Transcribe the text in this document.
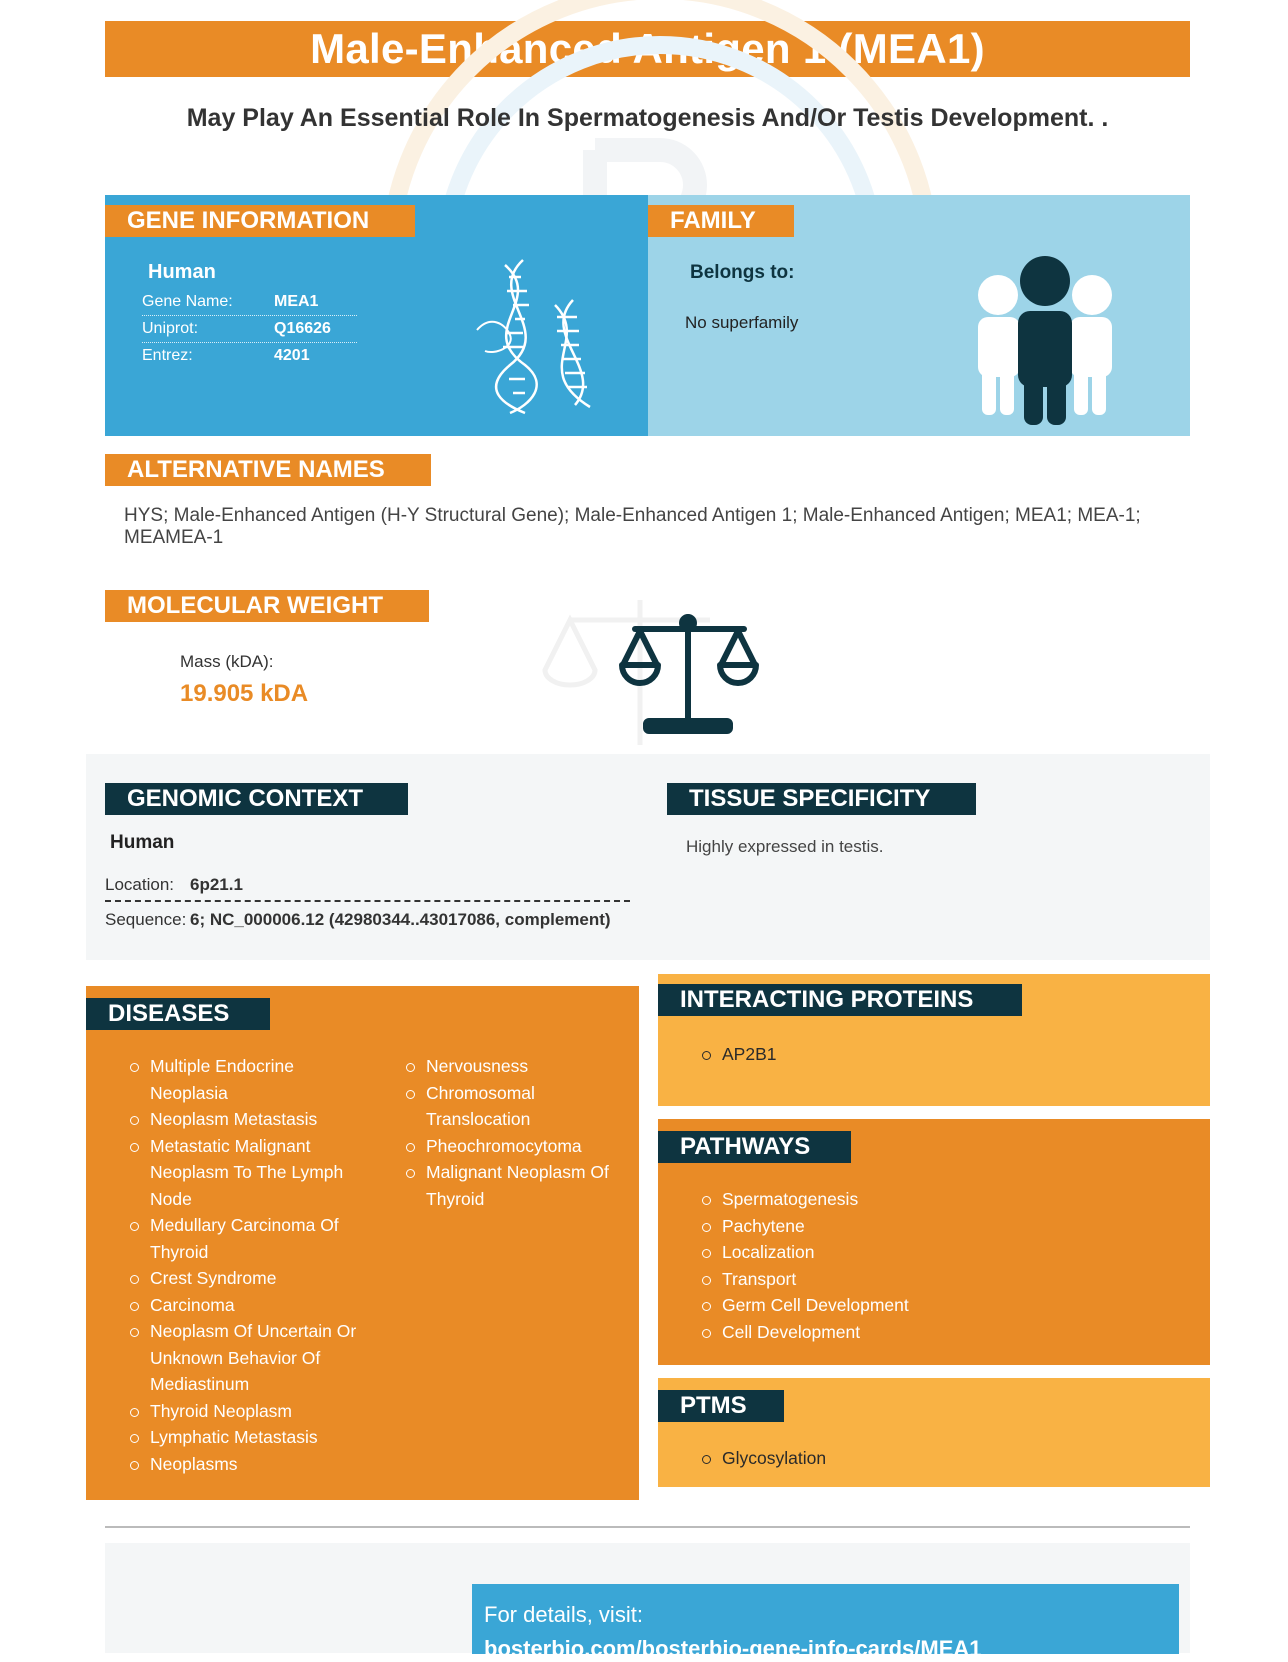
Male-Enhanced Antigen 1 (MEA1)
May Play An Essential Role In Spermatogenesis And/Or Testis Development. .
GENE INFORMATION
Human
Gene Name:	MEA1
Uniprot:	Q16626
Entrez:	4201
FAMILY
Belongs to:
No superfamily
ALTERNATIVE NAMES
HYS; Male-Enhanced Antigen (H-Y Structural Gene); Male-Enhanced Antigen 1; Male-Enhanced Antigen; MEA1; MEA-1; MEAMEA-1
MOLECULAR WEIGHT
Mass (kDA):
19.905 kDA
GENOMIC CONTEXT
Human
Location: 6p21.1
Sequence: 6; NC_000006.12 (42980344..43017086, complement)
TISSUE SPECIFICITY
Highly expressed in testis.
DISEASES
Multiple Endocrine Neoplasia
Neoplasm Metastasis
Metastatic Malignant Neoplasm To The Lymph Node
Medullary Carcinoma Of Thyroid
Crest Syndrome
Carcinoma
Neoplasm Of Uncertain Or Unknown Behavior Of Mediastinum
Thyroid Neoplasm
Lymphatic Metastasis
Neoplasms
Nervousness
Chromosomal Translocation
Pheochromocytoma
Malignant Neoplasm Of Thyroid
INTERACTING PROTEINS
AP2B1
PATHWAYS
Spermatogenesis
Pachytene
Localization
Transport
Germ Cell Development
Cell Development
PTMS
Glycosylation
For details, visit:
bosterbio.com/bosterbio-gene-info-cards/MEA1
